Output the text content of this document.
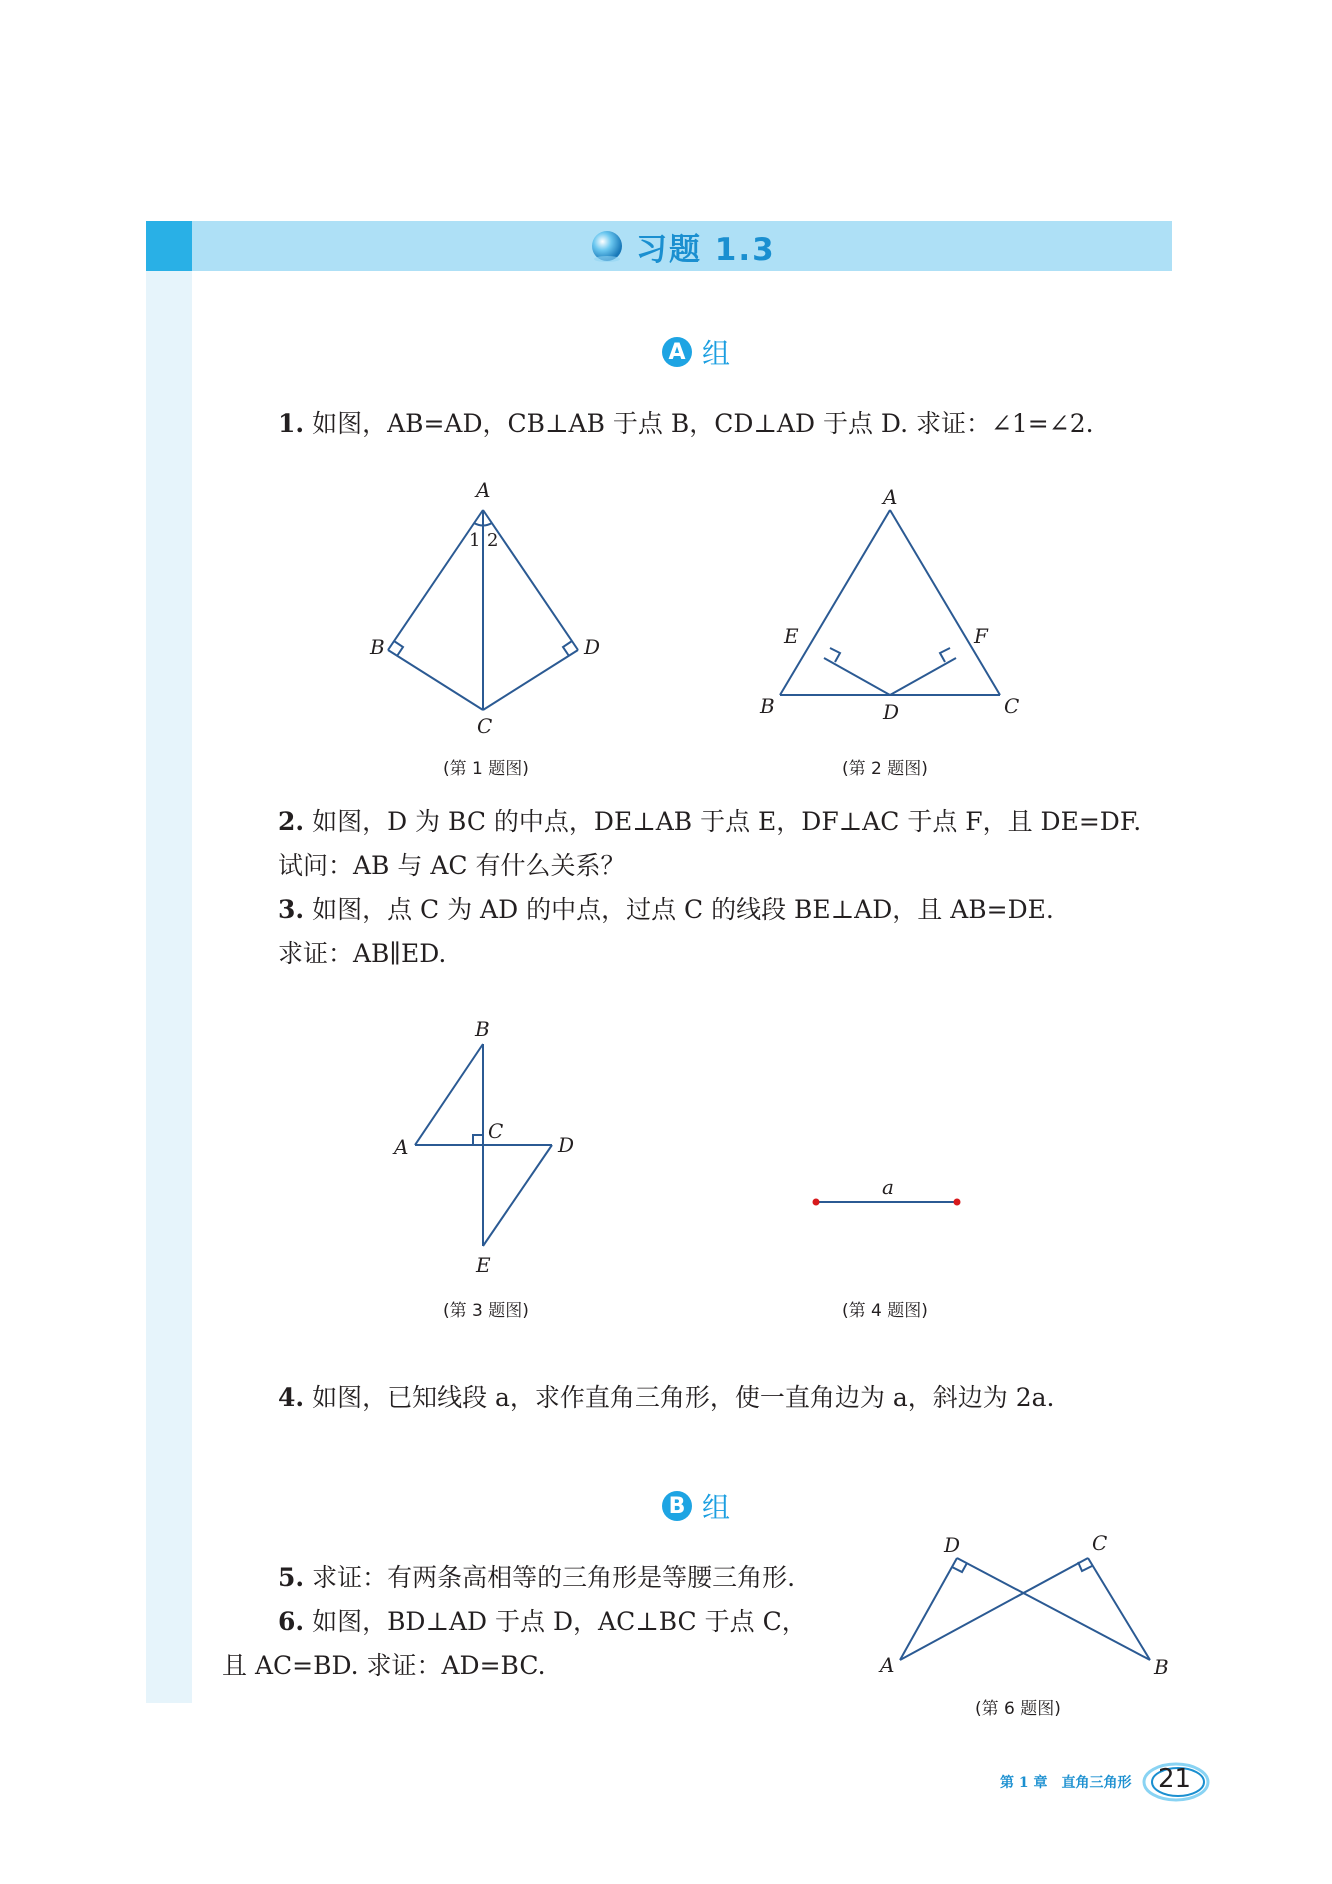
习题 1.3
A 组
1. 如图，AB=AD，CB⊥AB 于点 B，CD⊥AD 于点 D. 求证：∠1=∠2.
A
B
C
D
1 2
(第 1 题图)
A
B	C
D
E	F
(第 2 题图)
2. 如图，D 为 BC 的中点，DE⊥AB 于点 E，DF⊥AC 于点 F，且 DE=DF.
试问：AB 与 AC 有什么关系？
3. 如图，点 C 为 AD 的中点，过点 C 的线段 BE⊥AD，且 AB=DE.
求证：AB∥ED.
B
A
C
D
E
(第 3 题图)
a
(第 4 题图)
4. 如图，已知线段 a，求作直角三角形，使一直角边为 a，斜边为 2a.
B 组
5. 求证：有两条高相等的三角形是等腰三角形.
6. 如图，BD⊥AD 于点 D，AC⊥BC 于点 C，
且 AC=BD. 求证：AD=BC.	A	B
C
D
(第 6 题图)
第 1 章　直角三角形 21
